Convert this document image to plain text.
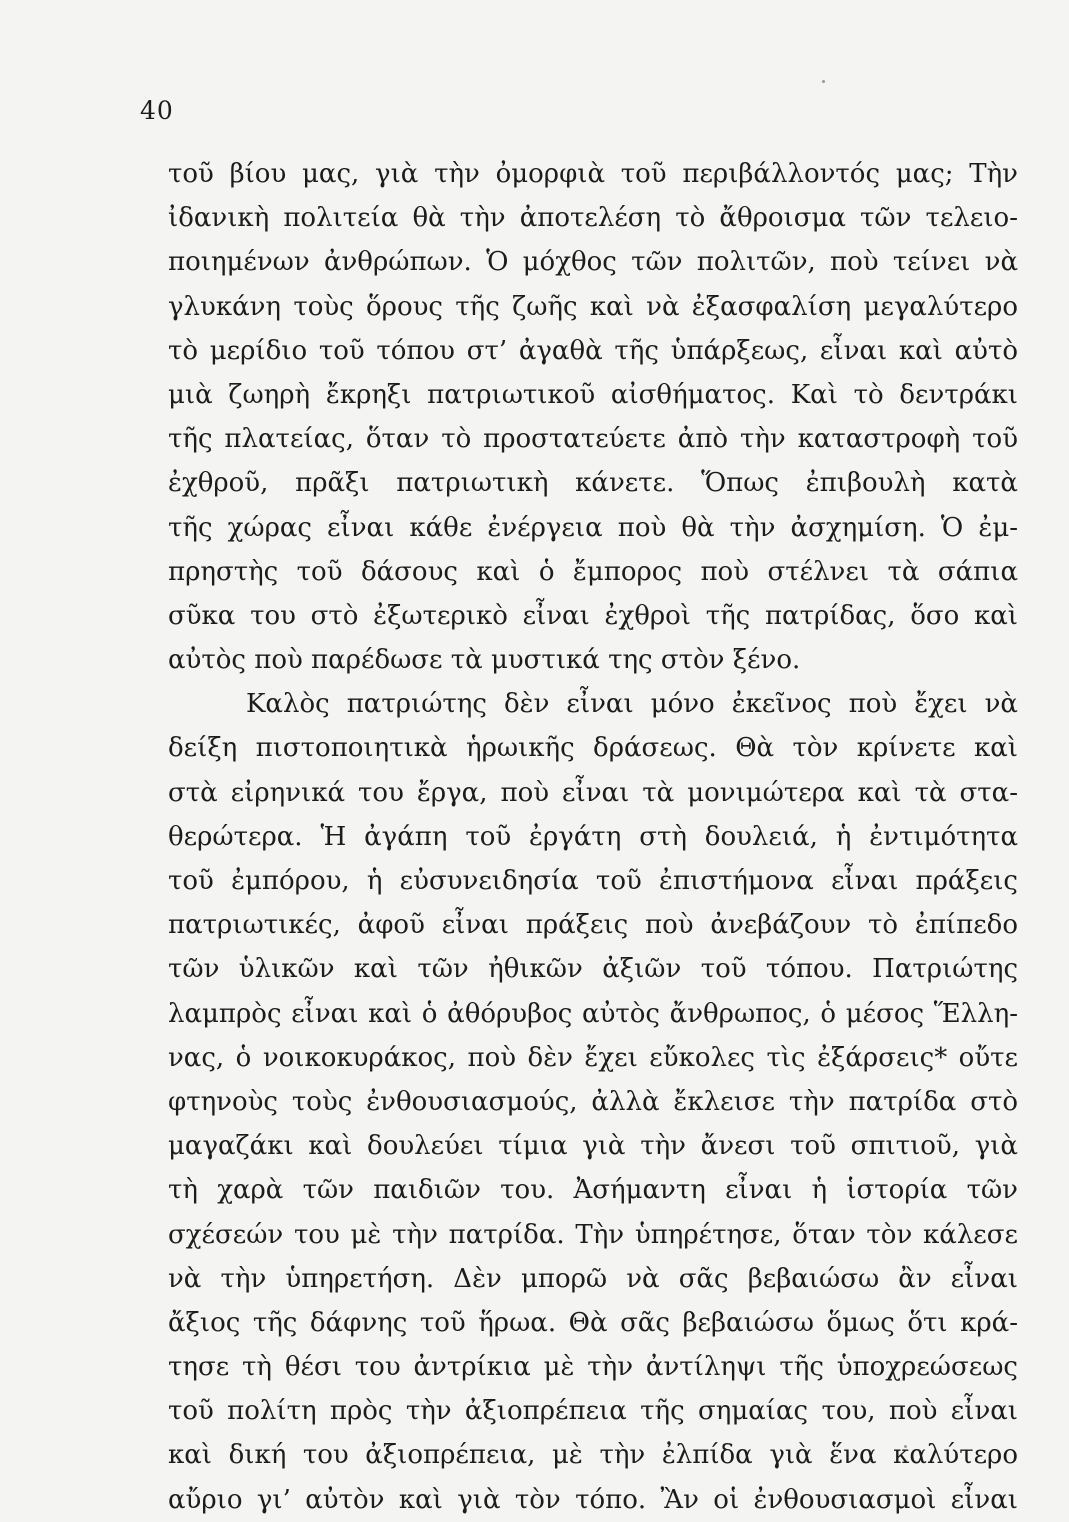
40
τοῦ βίου μας, γιὰ τὴν ὀμορφιὰ τοῦ περιβάλλοντός μας; Τὴν
ἰδανικὴ πολιτεία θὰ τὴν ἀποτελέση τὸ ἄθροισμα τῶν τελειο-
ποιημένων ἀνθρώπων. Ὁ μόχθος τῶν πολιτῶν, ποὺ τείνει νὰ
γλυκάνη τοὺς ὅρους τῆς ζωῆς καὶ νὰ ἐξασφαλίση μεγαλύτερο
τὸ μερίδιο τοῦ τόπου στ’ ἀγαθὰ τῆς ὑπάρξεως, εἶναι καὶ αὐτὸ
μιὰ ζωηρὴ ἔκρηξι πατριωτικοῦ αἰσθήματος. Καὶ τὸ δεντράκι
τῆς πλατείας, ὅταν τὸ προστατεύετε ἀπὸ τὴν καταστροφὴ τοῦ
ἐχθροῦ, πρᾶξι πατριωτικὴ κάνετε. Ὅπως ἐπιβουλὴ κατὰ
τῆς χώρας εἶναι κάθε ἐνέργεια ποὺ θὰ τὴν ἀσχημίση. Ὁ ἐμ-
πρηστὴς τοῦ δάσους καὶ ὁ ἔμπορος ποὺ στέλνει τὰ σάπια
σῦκα του στὸ ἐξωτερικὸ εἶναι ἐχθροὶ τῆς πατρίδας, ὅσο καὶ
αὐτὸς ποὺ παρέδωσε τὰ μυστικά της στὸν ξένο.
Καλὸς πατριώτης δὲν εἶναι μόνο ἐκεῖνος ποὺ ἔχει νὰ
δείξη πιστοποιητικὰ ἡρωικῆς δράσεως. Θὰ τὸν κρίνετε καὶ
στὰ εἰρηνικά του ἔργα, ποὺ εἶναι τὰ μονιμώτερα καὶ τὰ στα-
θερώτερα. Ἡ ἀγάπη τοῦ ἐργάτη στὴ δουλειά, ἡ ἐντιμότητα
τοῦ ἐμπόρου, ἡ εὐσυνειδησία τοῦ ἐπιστήμονα εἶναι πράξεις
πατριωτικές, ἀφοῦ εἶναι πράξεις ποὺ ἀνεβάζουν τὸ ἐπίπεδο
τῶν ὑλικῶν καὶ τῶν ἠθικῶν ἀξιῶν τοῦ τόπου. Πατριώτης
λαμπρὸς εἶναι καὶ ὁ ἀθόρυβος αὐτὸς ἄνθρωπος, ὁ μέσος Ἕλλη-
νας, ὁ νοικοκυράκος, ποὺ δὲν ἔχει εὔκολες τὶς ἐξάρσεις* οὔτε
φτηνοὺς τοὺς ἐνθουσιασμούς, ἀλλὰ ἔκλεισε τὴν πατρίδα στὸ
μαγαζάκι καὶ δουλεύει τίμια γιὰ τὴν ἄνεσι τοῦ σπιτιοῦ, γιὰ
τὴ χαρὰ τῶν παιδιῶν του. Ἀσήμαντη εἶναι ἡ ἱστορία τῶν
σχέσεών του μὲ τὴν πατρίδα. Τὴν ὑπηρέτησε, ὅταν τὸν κάλεσε
νὰ τὴν ὑπηρετήση. Δὲν μπορῶ νὰ σᾶς βεβαιώσω ἂν εἶναι
ἄξιος τῆς δάφνης τοῦ ἥρωα. Θὰ σᾶς βεβαιώσω ὅμως ὅτι κρά-
τησε τὴ θέσι του ἀντρίκια μὲ τὴν ἀντίληψι τῆς ὑποχρεώσεως
τοῦ πολίτη πρὸς τὴν ἀξιοπρέπεια τῆς σημαίας του, ποὺ εἶναι
καὶ δική του ἀξιοπρέπεια, μὲ τὴν ἐλπίδα γιὰ ἕνα καλύτερο
αὔριο γι’ αὐτὸν καὶ γιὰ τὸν τόπο. Ἂν οἱ ἐνθουσιασμοὶ εἶναι
